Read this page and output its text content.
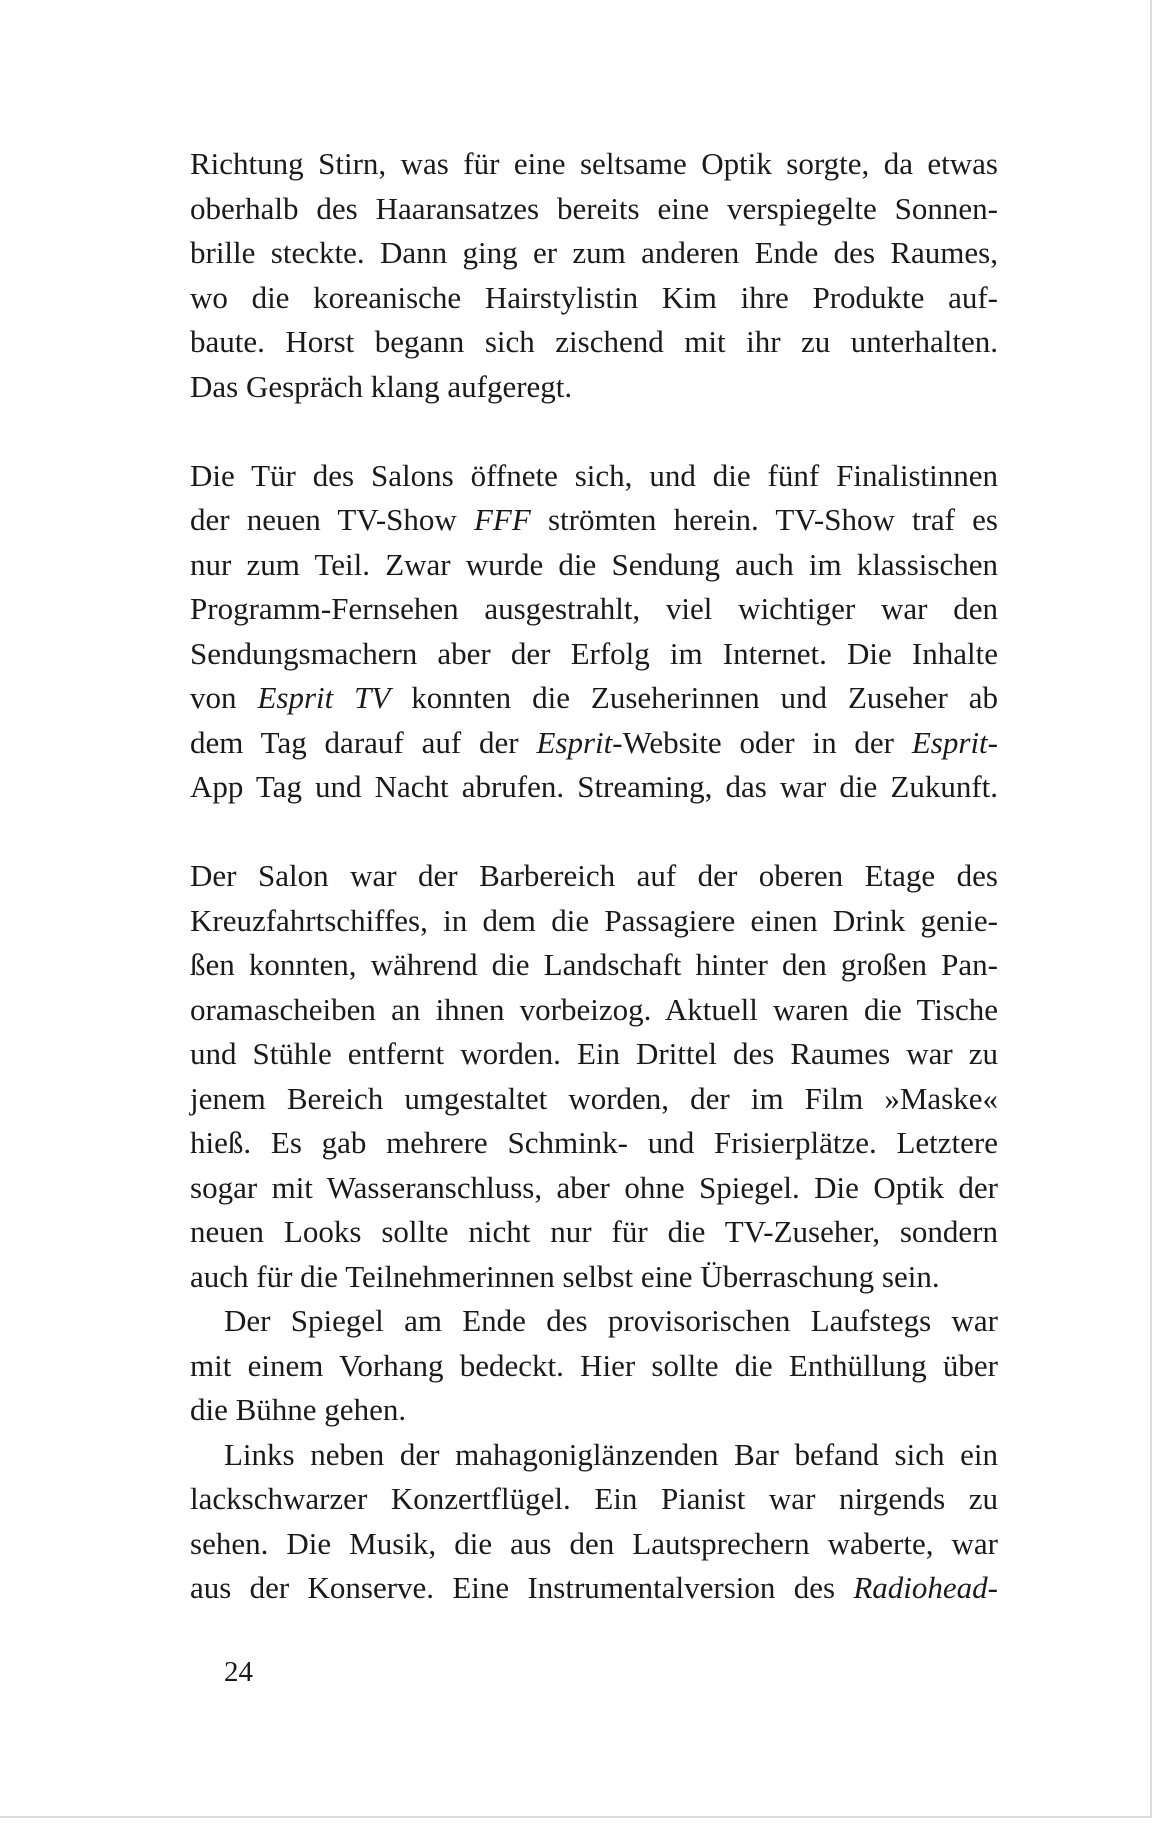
Richtung Stirn, was für eine seltsame Optik sorgte, da etwas
oberhalb des Haaransatzes bereits eine verspiegelte Sonnen-
brille steckte. Dann ging er zum anderen Ende des Raumes,
wo die koreanische Hairstylistin Kim ihre Produkte auf-
baute. Horst begann sich zischend mit ihr zu unterhalten.
Das Gespräch klang aufgeregt.
Die Tür des Salons öffnete sich, und die fünf Finalistinnen
der neuen TV-Show FFF strömten herein. TV-Show traf es
nur zum Teil. Zwar wurde die Sendung auch im klassischen
Programm-Fernsehen ausgestrahlt, viel wichtiger war den
Sendungsmachern aber der Erfolg im Internet. Die Inhalte
von Esprit TV konnten die Zuseherinnen und Zuseher ab
dem Tag darauf auf der Esprit-Website oder in der Esprit-
App Tag und Nacht abrufen. Streaming, das war die Zukunft.
Der Salon war der Barbereich auf der oberen Etage des
Kreuzfahrtschiffes, in dem die Passagiere einen Drink genie-
ßen konnten, während die Landschaft hinter den großen Pan-
oramascheiben an ihnen vorbeizog. Aktuell waren die Tische
und Stühle entfernt worden. Ein Drittel des Raumes war zu
jenem Bereich umgestaltet worden, der im Film »Maske«
hieß. Es gab mehrere Schmink- und Frisierplätze. Letztere
sogar mit Wasseranschluss, aber ohne Spiegel. Die Optik der
neuen Looks sollte nicht nur für die TV-Zuseher, sondern
auch für die Teilnehmerinnen selbst eine Überraschung sein.
Der Spiegel am Ende des provisorischen Laufstegs war
mit einem Vorhang bedeckt. Hier sollte die Enthüllung über
die Bühne gehen.
Links neben der mahagoniglänzenden Bar befand sich ein
lackschwarzer Konzertflügel. Ein Pianist war nirgends zu
sehen. Die Musik, die aus den Lautsprechern waberte, war
aus der Konserve. Eine Instrumentalversion des Radiohead-
24
